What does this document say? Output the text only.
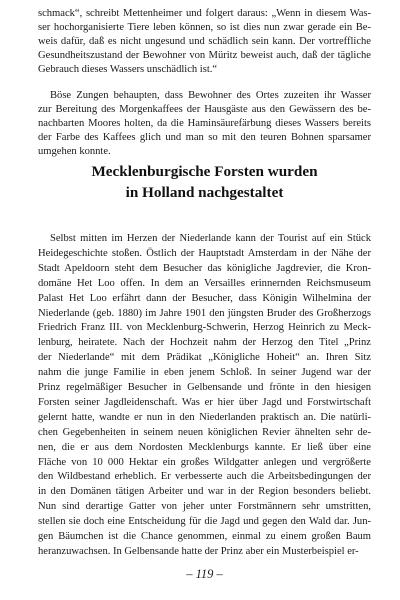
schmack“, schreibt Mettenheimer und folgert daraus: „Wenn in diesem Was-
ser hochorganisierte Tiere leben können, so ist dies nun zwar gerade ein Be-
weis dafür, daß es nicht ungesund und schädlich sein kann. Der vortreffliche
Gesundheitszustand der Bewohner von Müritz beweist auch, daß der tägliche
Gebrauch dieses Wassers unschädlich ist.“
Böse Zungen behaupten, dass Bewohner des Ortes zuzeiten ihr Wasser
zur Bereitung des Morgenkaffees der Hausgäste aus den Gewässern des be-
nachbarten Moores holten, da die Haminsäurefärbung dieses Wassers bereits
der Farbe des Kaffees glich und man so mit den teuren Bohnen sparsamer
umgehen konnte.
Mecklenburgische Forsten wurden
in Holland nachgestaltet
Selbst mitten im Herzen der Niederlande kann der Tourist auf ein Stück
Heidegeschichte stoßen. Östlich der Hauptstadt Amsterdam in der Nähe der
Stadt Apeldoorn steht dem Besucher das königliche Jagdrevier, die Kron-
domäne Het Loo offen. In dem an Versailles erinnernden Reichsmuseum
Palast Het Loo erfährt dann der Besucher, dass Königin Wilhelmina der
Niederlande (geb. 1880) im Jahre 1901 den jüngsten Bruder des Großherzogs
Friedrich Franz III. von Mecklenburg-Schwerin, Herzog Heinrich zu Meck-
lenburg, heiratete. Nach der Hochzeit nahm der Herzog den Titel „Prinz
der Niederlande“ mit dem Prädikat „Königliche Hoheit“ an. Ihren Sitz
nahm die junge Familie in eben jenem Schloß. In seiner Jugend war der
Prinz regelmäßiger Besucher in Gelbensande und frönte in den hiesigen
Forsten seiner Jagdleidenschaft. Was er hier über Jagd und Forstwirtschaft
gelernt hatte, wandte er nun in den Niederlanden praktisch an. Die natürli-
chen Gegebenheiten in seinem neuen königlichen Revier ähnelten sehr de-
nen, die er aus dem Nordosten Mecklenburgs kannte. Er ließ über eine
Fläche von 10 000 Hektar ein großes Wildgatter anlegen und vergrößerte
den Wildbestand erheblich. Er verbesserte auch die Arbeitsbedingungen der
in den Domänen tätigen Arbeiter und war in der Region besonders beliebt.
Nun sind derartige Gatter von jeher unter Forstmännern sehr umstritten,
stellen sie doch eine Entscheidung für die Jagd und gegen den Wald dar. Jun-
gen Bäumchen ist die Chance genommen, einmal zu einem großen Baum
heranzuwachsen. In Gelbensande hatte der Prinz aber ein Musterbeispiel er-
– 119 –
